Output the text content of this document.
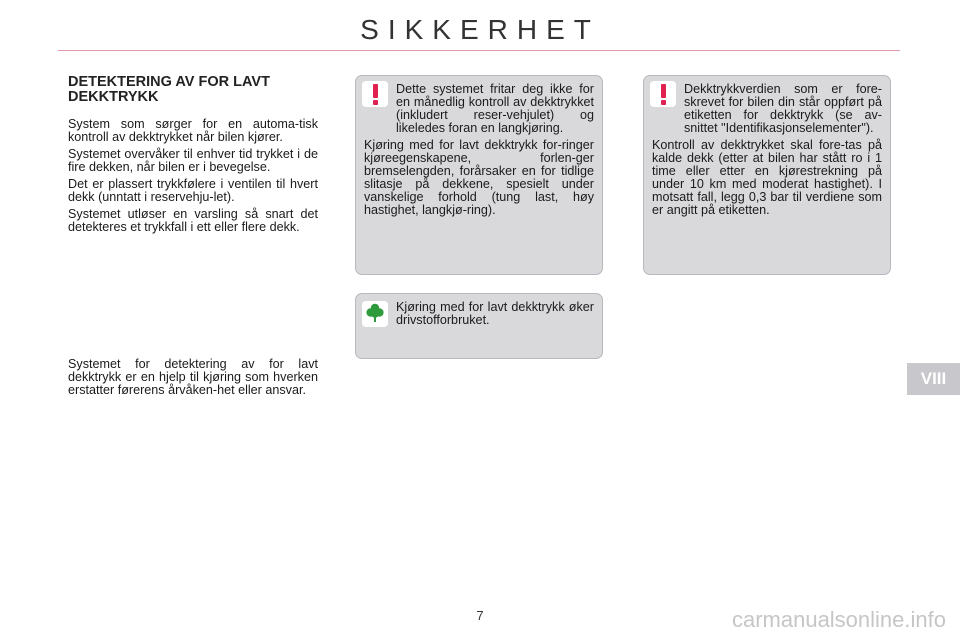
SIKKERHET
DETEKTERING AV FOR LAVT DEKKTRYKK

System som sørger for en automa-tisk kontroll av dekktrykket når bilen kjører.

Systemet overvåker til enhver tid trykket i de fire dekken, når bilen er i bevegelse.

Det er plassert trykkfølere i ventilen til hvert dekk (unntatt i reservehju-let).

Systemet utløser en varsling så snart det detekteres et trykkfall i ett eller flere dekk.

Systemet for detektering av for lavt dekktrykk er en hjelp til kjøring som hverken erstatter førerens årvåken-het eller ansvar.

Dette systemet fritar deg ikke for en månedlig kontroll av dekktrykket (inkludert reser-vehjulet) og likeledes foran en langkjøring.

Kjøring med for lavt dekktrykk for-ringer kjøreegenskapene, forlen-ger bremselengden, forårsaker en for tidlige slitasje på dekkene, spesielt under vanskelige forhold (tung last, høy hastighet, langkjø-ring).

Kjøring med for lavt dekktrykk øker drivstofforbruket.

Dekktrykkverdien som er fore-skrevet for bilen din står oppført på etiketten for dekktrykk (se av-snittet "Identifikasjonselementer").

Kontroll av dekktrykket skal fore-tas på kalde dekk (etter at bilen har stått ro i 1 time eller etter en kjørestrekning på under 10 km med moderat hastighet). I motsatt fall, legg 0,3 bar til verdiene som er angitt på etiketten.

VIII
7	carmanualsonline.info
